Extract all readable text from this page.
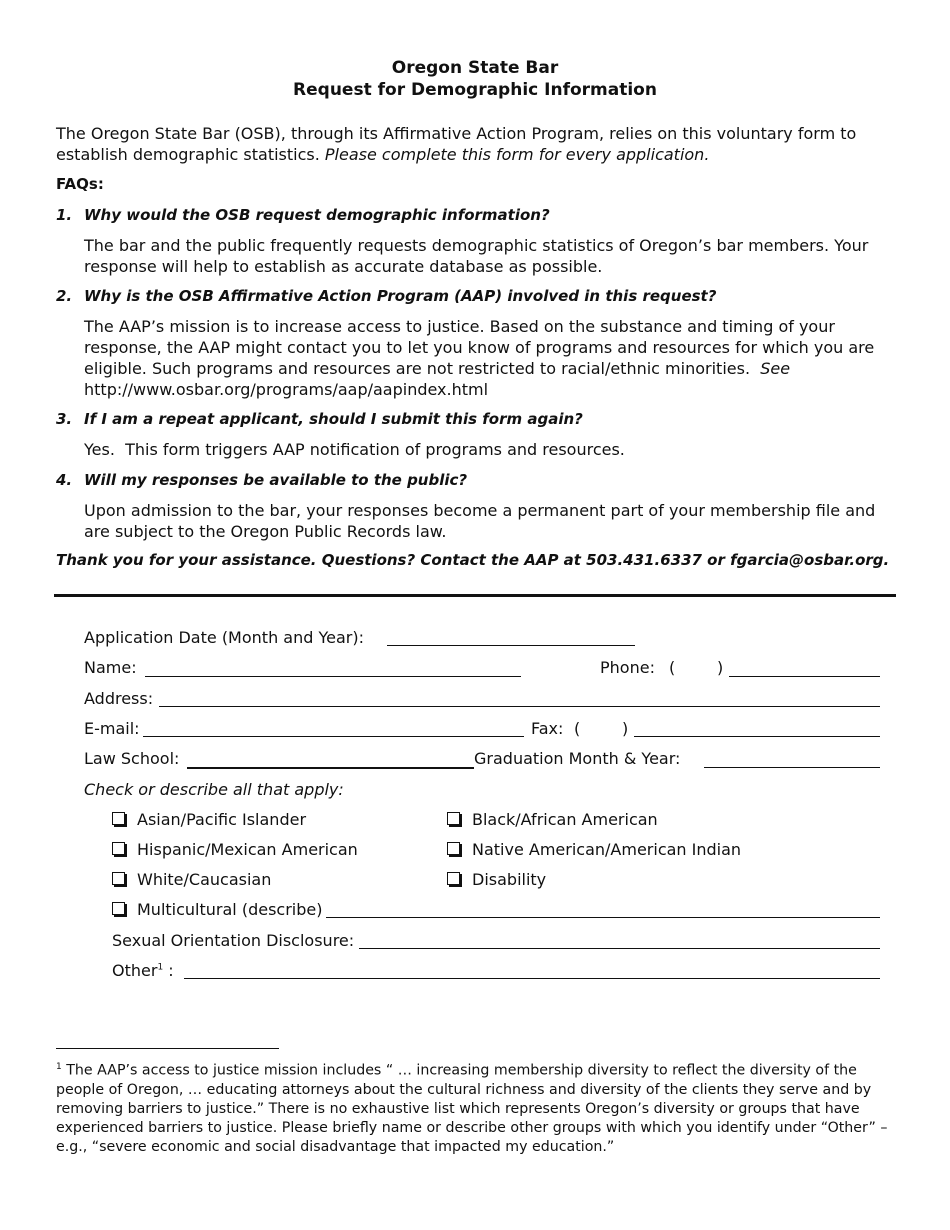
Oregon State Bar
Request for Demographic Information
The Oregon State Bar (OSB), through its Affirmative Action Program, relies on this voluntary form to establish demographic statistics. Please complete this form for every application.
FAQs:
1. Why would the OSB request demographic information?
The bar and the public frequently requests demographic statistics of Oregon’s bar members. Your response will help to establish as accurate database as possible.
2. Why is the OSB Affirmative Action Program (AAP) involved in this request?
The AAP’s mission is to increase access to justice. Based on the substance and timing of your response, the AAP might contact you to let you know of programs and resources for which you are eligible. Such programs and resources are not restricted to racial/ethnic minorities. See http://www.osbar.org/programs/aap/aapindex.html
3. If I am a repeat applicant, should I submit this form again?
Yes.  This form triggers AAP notification of programs and resources.
4. Will my responses be available to the public?
Upon admission to the bar, your responses become a permanent part of your membership file and are subject to the Oregon Public Records law.
Thank you for your assistance. Questions? Contact the AAP at 503.431.6337 or fgarcia@osbar.org.
Application Date (Month and Year):
Name:	Phone: (	)
Address:
E-mail:	Fax: (	)
Law School:	Graduation Month & Year:
Check or describe all that apply:
Asian/Pacific Islander	Black/African American
Hispanic/Mexican American	Native American/American Indian
White/Caucasian	Disability
Multicultural (describe)
Sexual Orientation Disclosure:
Other$^1$ :
$^1$ The AAP’s access to justice mission includes “ … increasing membership diversity to reflect the diversity of the people of Oregon, … educating attorneys about the cultural richness and diversity of the clients they serve and by removing barriers to justice.” There is no exhaustive list which represents Oregon’s diversity or groups that have experienced barriers to justice. Please briefly name or describe other groups with which you identify under “Other” – e.g., “severe economic and social disadvantage that impacted my education.”
